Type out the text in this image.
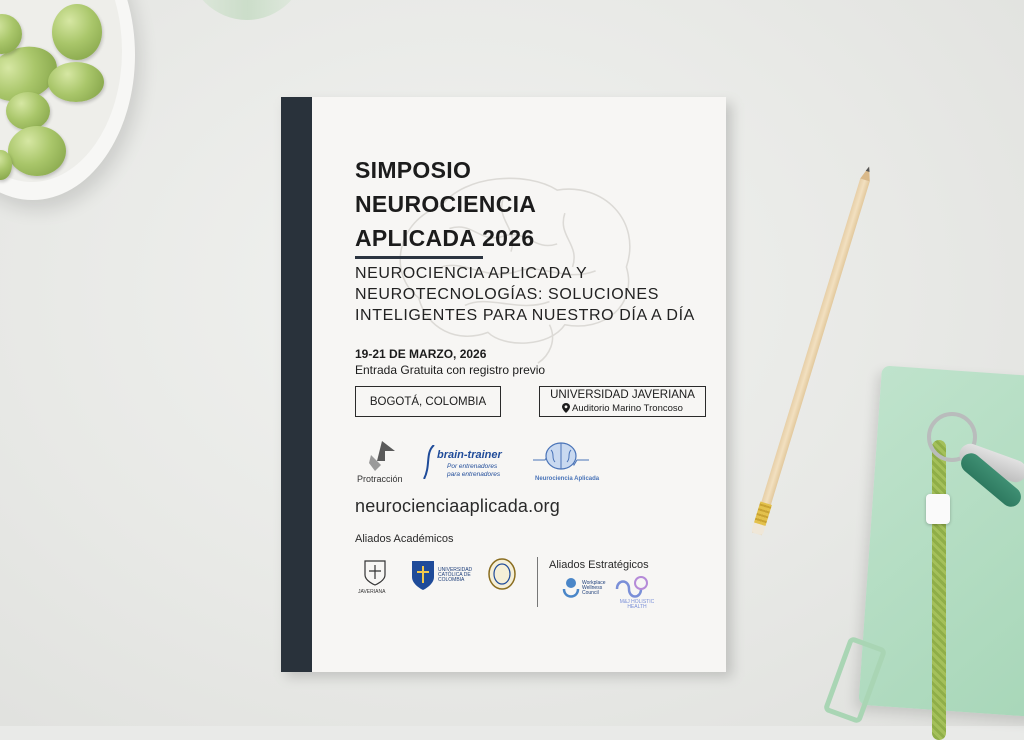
SIMPOSIO
NEUROCIENCIA
APLICADA 2026
NEUROCIENCIA APLICADA Y
NEUROTECNOLOGÍAS: SOLUCIONES
INTELIGENTES PARA NUESTRO DÍA A DÍA
19-21 DE MARZO, 2026
Entrada Gratuita con registro previo
BOGOTÁ, COLOMBIA
UNIVERSIDAD JAVERIANA
Auditorio Marino Troncoso
Protracción
brain-trainer
Por entrenadores
para entrenadores
Neurociencia Aplicada
neurocienciaaplicada.org
Aliados Académicos
JAVERIANA
UNIVERSIDAD CATÓLICA DE COLOMBIA
Aliados Estratégicos
Workplace Wellness Council
M&J HOLISTIC HEALTH
